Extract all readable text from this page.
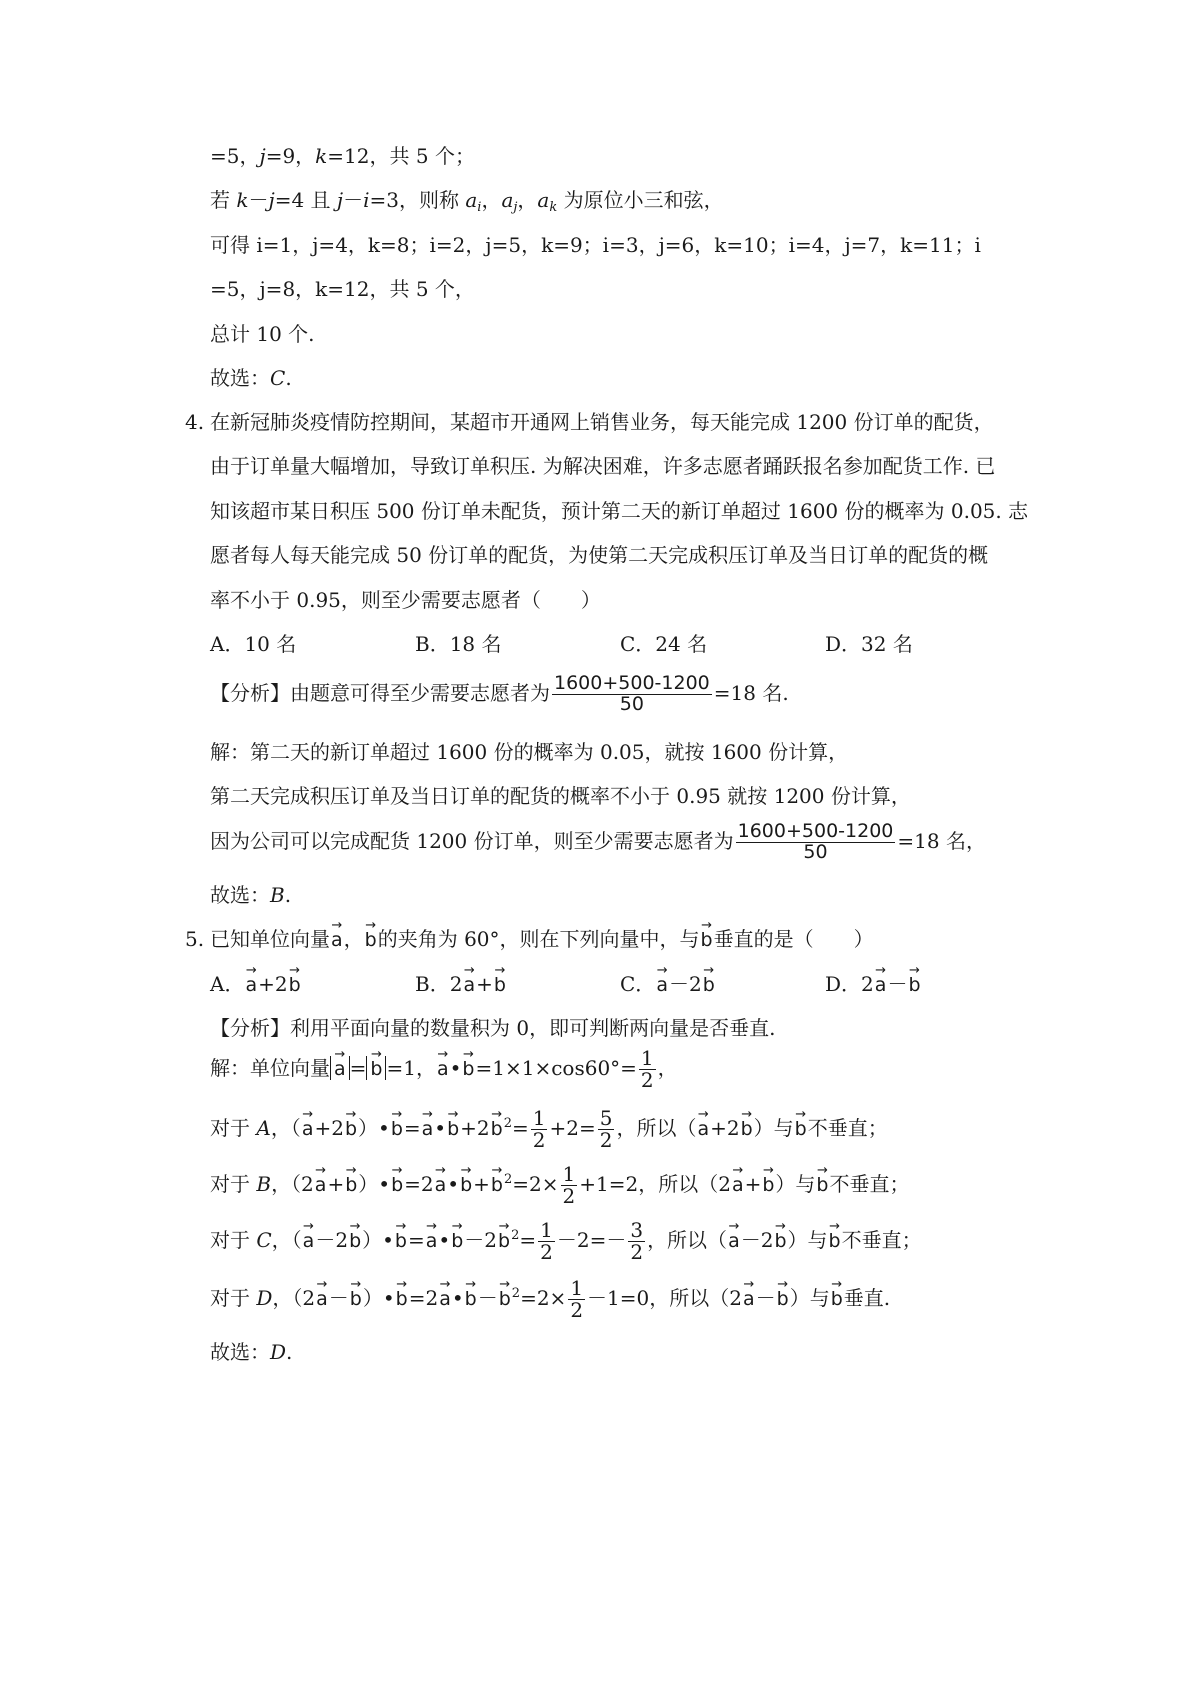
=5，j=9，k=12，共 5 个；
若 k－j=4 且 j－i=3，则称 $a_i$，$a_j$，$a_k$ 为原位小三和弦，
可得 i=1，j=4，k=8；i=2，j=5，k=9；i=3，j=6，k=10；i=4，j=7，k=11；i
=5，j=8，k=12，共 5 个，
总计 10 个.
故选：C.
4. 在新冠肺炎疫情防控期间，某超市开通网上销售业务，每天能完成 1200 份订单的配货，
由于订单量大幅增加，导致订单积压. 为解决困难，许多志愿者踊跃报名参加配货工作. 已
知该超市某日积压 500 份订单未配货，预计第二天的新订单超过 1600 份的概率为 0.05. 志
愿者每人每天能完成 50 份订单的配货，为使第二天完成积压订单及当日订单的配货的概
率不小于 0.95，则至少需要志愿者（　　）
A．10 名	B．18 名	C．24 名	D．32 名
【分析】由题意可得至少需要志愿者为 $\frac{1600+500-1200}{50} =18$ 名.
解：第二天的新订单超过 1600 份的概率为 0.05，就按 1600 份计算，
第二天完成积压订单及当日订单的配货的概率不小于 0.95 就按 1200 份计算，
因为公司可以完成配货 1200 份订单，则至少需要志愿者为 $\frac{1600+500-1200}{50} =18$ 名，
故选：B.
5. 已知单位向量→ a，→ b的夹角为 60°，则在下列向量中，与→ b垂直的是（　　）
A．→ a+2→ b	B．2→ a+→ b	C．→ a－2→ b	D．2→ a－→ b
【分析】利用平面向量的数量积为 0，即可判断两向量是否垂直.
解：单位向量 → a = → b =1，→ a•→ $b=1\times 1\times\cos 60^\circ= \frac{1}{2}$ ，
对于 A，（→ a+2→ b）•→ b=→ a•→ $b+2\to b^2= \frac{1}{2} +2= \frac{5}{2}$ ，所以（→ a+2→ b）与→ b不垂直；
对于 B，（2→ a+→ b）•→ b=2→ a•→ $b+\to b^2=2\times \frac{1}{2} +1=2$，所以（2→ a+→ b）与→ b不垂直；
对于 C，（→ a－2→ b）•→ b=→ a•→ $b-2\to b^2= \frac{1}{2} -2=- \frac{3}{2}$ ，所以（→ a－2→ b）与→ b不垂直；
对于 D，（2→ a－→ b）•→ b=2→ a•→ $b-\to b^2=2\times \frac{1}{2} -1=0$，所以（2→ a－→ b）与→ b垂直.
故选：D.
